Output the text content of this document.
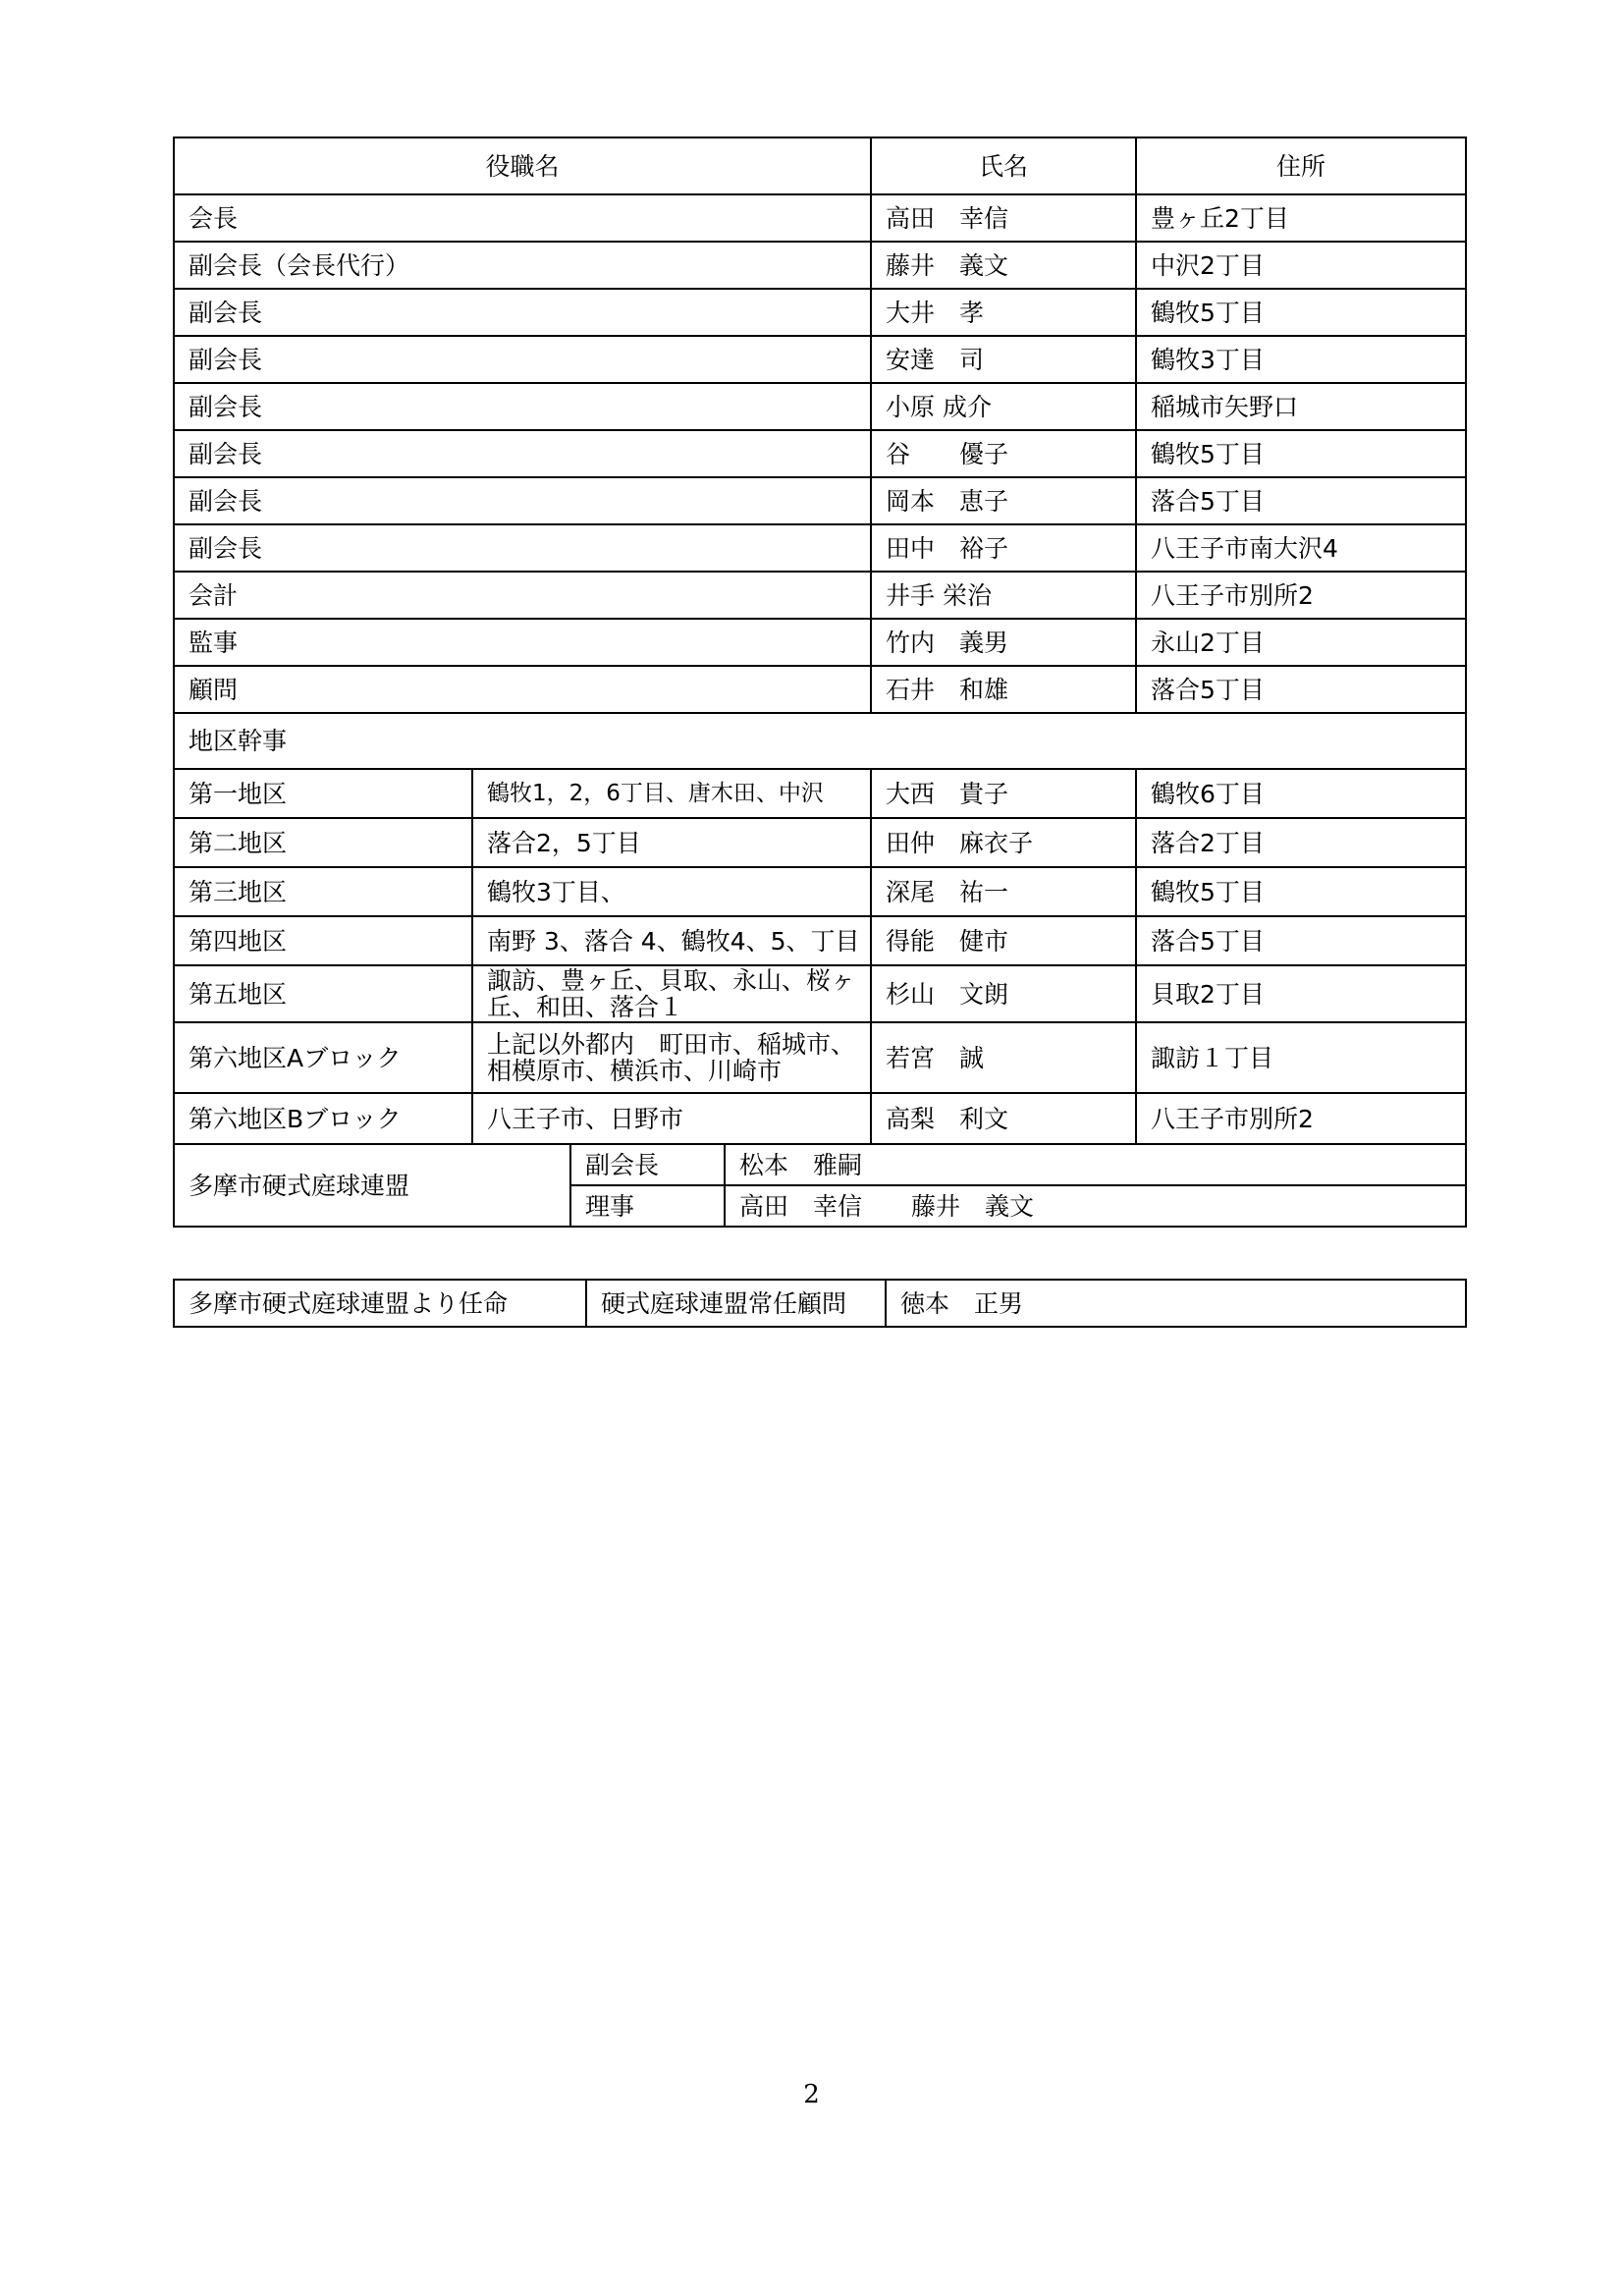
役職名				氏名	住所
会長				高田　幸信	豊ヶ丘2丁目
副会長（会長代行）				藤井　義文	中沢2丁目
副会長				大井　孝	鶴牧5丁目
副会長				安達　司	鶴牧3丁目
副会長				小原 成介	稲城市矢野口
副会長				谷　　優子	鶴牧5丁目
副会長				岡本　恵子	落合5丁目
副会長				田中　裕子	八王子市南大沢4
会計				井手 栄治	八王子市別所2
監事				竹内　義男	永山2丁目
顧問				石井　和雄	落合5丁目
地区幹事					
第一地区	鶴牧1，2，6丁目、唐木田、中沢			大西　貴子	鶴牧6丁目
第二地区	落合2，5丁目			田仲　麻衣子	落合2丁目
第三地区	鶴牧3丁目、			深尾　祐一	鶴牧5丁目
第四地区	南野 3、落合 4、鶴牧4、5、丁目			得能　健市	落合5丁目
第五地区	諏訪、豊ヶ丘、貝取、永山、桜ヶ丘、和田、落合１			杉山　文朗	貝取2丁目
第六地区Aブロック	上記以外都内　町田市、稲城市、相模原市、横浜市、川崎市			若宮　誠	諏訪１丁目
第六地区Bブロック	八王子市、日野市			高梨　利文	八王子市別所2
多摩市硬式庭球連盟		副会長	松本　雅嗣		
		理事	高田　幸信　　藤井　義文		
多摩市硬式庭球連盟より任命	硬式庭球連盟常任顧問	徳本　正男
2
